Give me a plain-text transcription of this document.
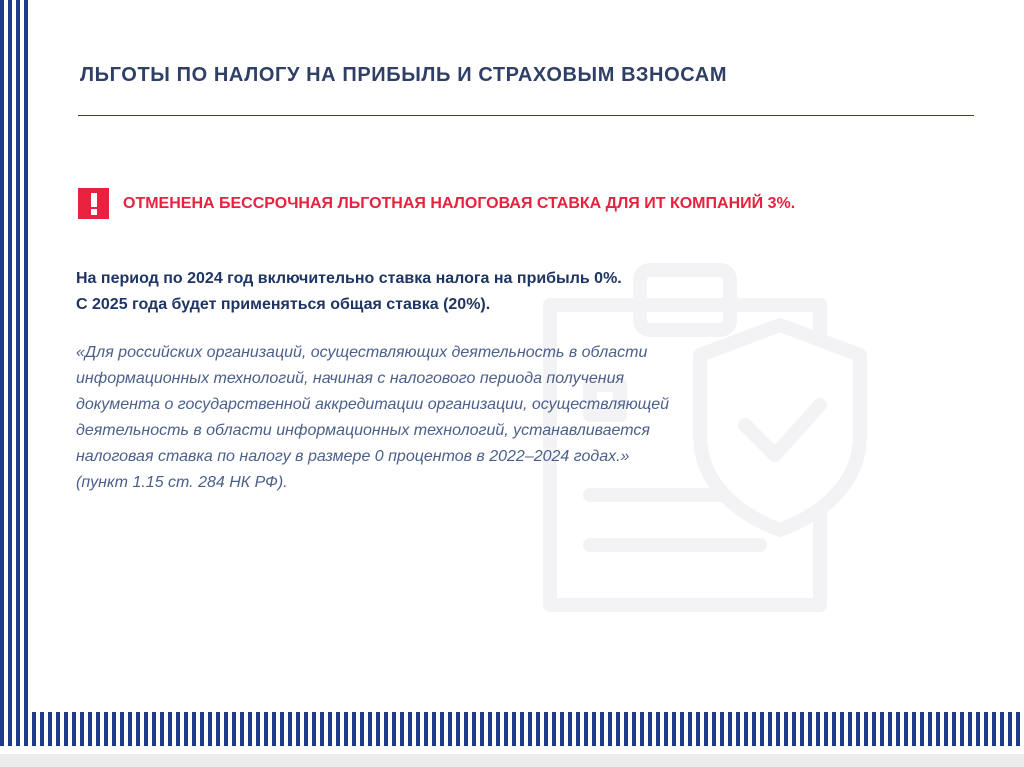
ЛЬГОТЫ ПО НАЛОГУ НА ПРИБЫЛЬ И СТРАХОВЫМ ВЗНОСАМ
ОТМЕНЕНА БЕССРОЧНАЯ ЛЬГОТНАЯ НАЛОГОВАЯ СТАВКА ДЛЯ ИТ КОМПАНИЙ 3%.
На период по 2024 год включительно ставка налога на прибыль 0%.
С 2025 года будет применяться общая ставка (20%).
«Для российских организаций, осуществляющих деятельность в области
информационных технологий, начиная с налогового периода получения
документа о государственной аккредитации организации, осуществляющей
деятельность в области информационных технологий, устанавливается
налоговая ставка по налогу в размере 0 процентов в 2022–2024 годах.»
(пункт 1.15 ст. 284 НК РФ).
